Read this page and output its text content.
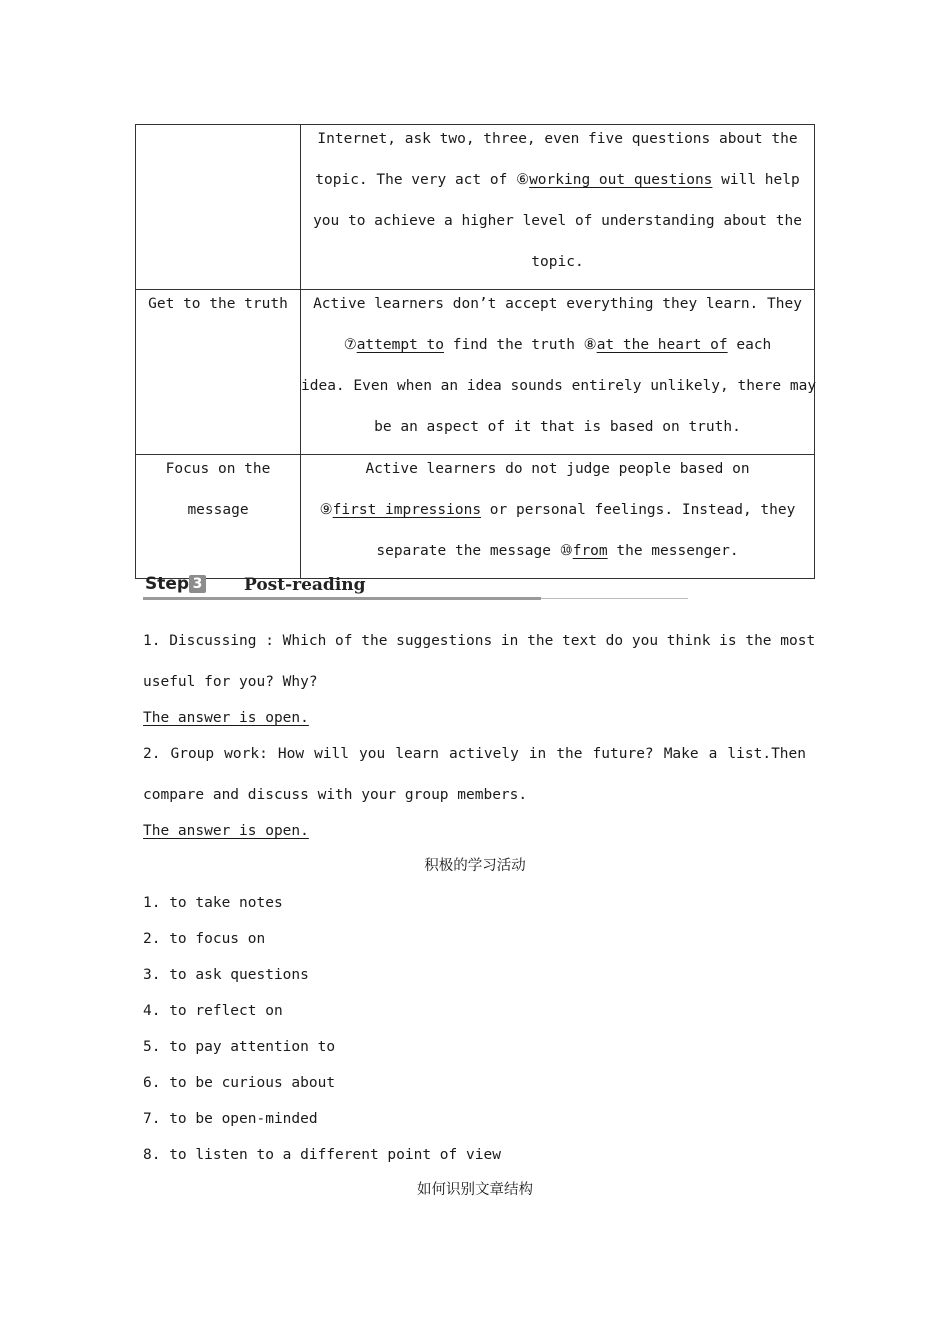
	Internet, ask two, three, even five questions about the
topic. The very act of ⑥working out questions will help
you to achieve a higher level of understanding about the
topic.

Get to the truth	Active learners don’t accept everything they learn. They
⑦attempt to find the truth ⑧at the heart of each
idea. Even when an idea sounds entirely unlikely, there may
be an aspect of it that is based on truth.

Focus on the
message	Active learners do not judge people based on
⑨first impressions or personal feelings. Instead, they
separate the message ⑩from the messenger.
Step 3 Post-reading
1. Discussing : Which of the suggestions in the text do you think is the most
useful for you? Why?
The answer is open.
2. Group work: How will you learn actively in the future? Make a list.Then
compare and discuss with your group members.
The answer is open.
积极的学习活动
1. to take notes
2. to focus on
3. to ask questions
4. to reflect on
5. to pay attention to
6. to be curious about
7. to be open-minded
8. to listen to a different point of view
如何识别文章结构
